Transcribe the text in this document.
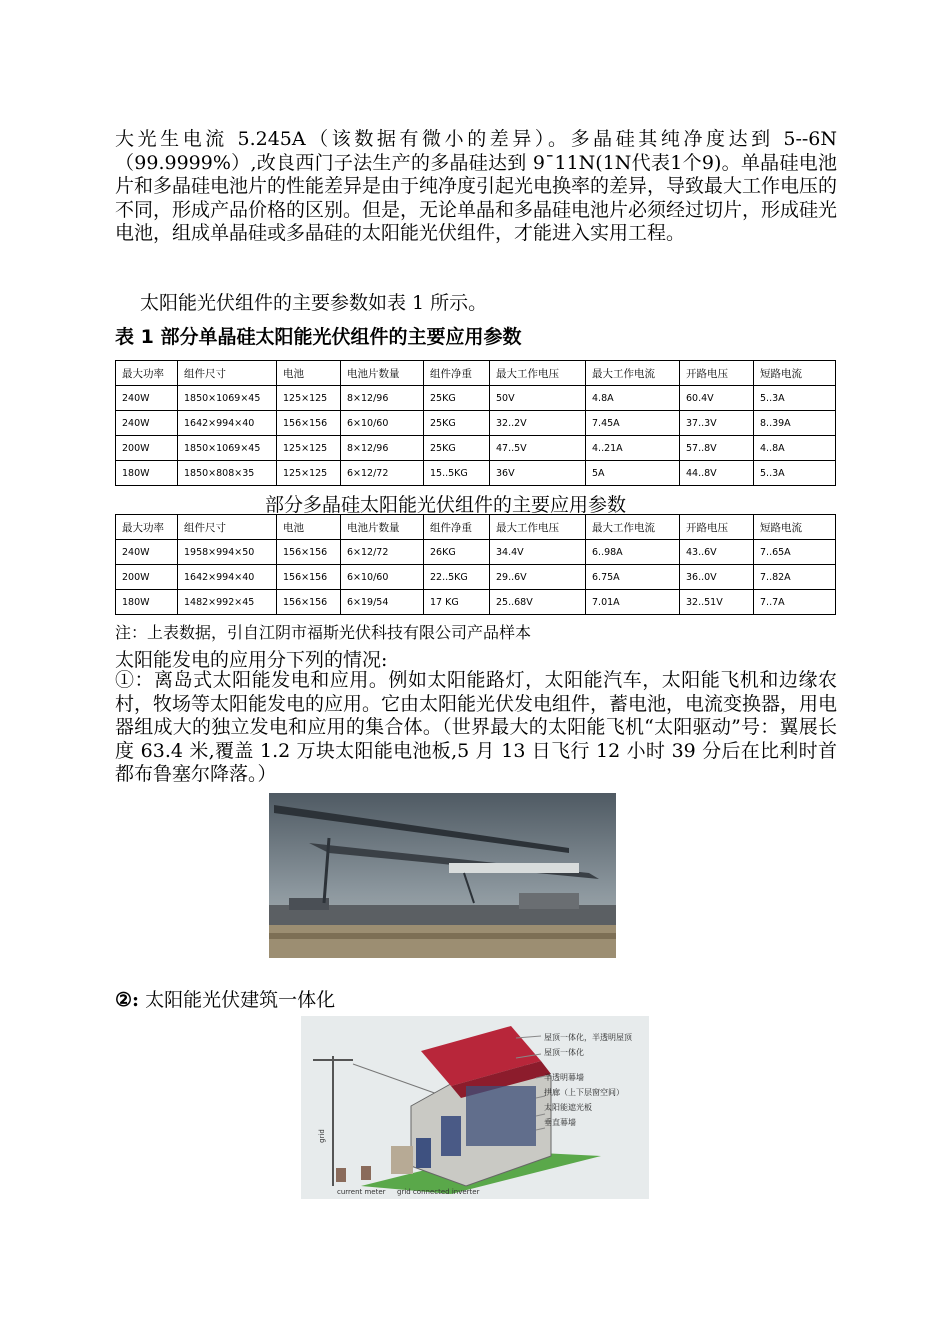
大光生电流 5.245A（该数据有微小的差异）。多晶硅其纯净度达到 5--6N（99.9999%）,改良西门子法生产的多晶硅达到 9¯11N(1N代表1个9)。单晶硅电池片和多晶硅电池片的性能差异是由于纯净度引起光电换率的差异，导致最大工作电压的不同，形成产品价格的区别。但是，无论单晶和多晶硅电池片必须经过切片，形成硅光电池，组成单晶硅或多晶硅的太阳能光伏组件，才能进入实用工程。

太阳能光伏组件的主要参数如表 1 所示。
表 1 部分单晶硅太阳能光伏组件的主要应用参数
最大功率	组件尺寸	电池	电池片数量	组件净重	最大工作电压	最大工作电流	开路电压	短路电流
240W	1850×1069×45	125×125	8×12/96	25KG	50V	4.8A	60.4V	5..3A
240W	1642×994×40	156×156	6×10/60	25KG	32..2V	7.45A	37..3V	8..39A
200W	1850×1069×45	125×125	8×12/96	25KG	47..5V	4..21A	57..8V	4..8A
180W	1850×808×35	125×125	6×12/72	15..5KG	36V	5A	44..8V	5..3A
部分多晶硅太阳能光伏组件的主要应用参数
最大功率	组件尺寸	电池	电池片数量	组件净重	最大工作电压	最大工作电流	开路电压	短路电流
240W	1958×994×50	156×156	6×12/72	26KG	34.4V	6..98A	43..6V	7..65A
200W	1642×994×40	156×156	6×10/60	22..5KG	29..6V	6.75A	36..0V	7..82A
180W	1482×992×45	156×156	6×19/54	17 KG	25..68V	7.01A	32..51V	7..7A
注：上表数据，引自江阴市福斯光伏科技有限公司产品样本
太阳能发电的应用分下列的情况:

①：离岛式太阳能发电和应用。例如太阳能路灯，太阳能汽车，太阳能飞机和边缘农村，牧场等太阳能发电的应用。它由太阳能光伏发电组件，蓄电池，电流变换器，用电器组成大的独立发电和应用的集合体。（世界最大的太阳能飞机“太阳驱动”号：翼展长度 63.4 米,覆盖 1.2 万块太阳能电池板,5 月 13 日飞行 12 小时 39 分后在比利时首都布鲁塞尔降落。）

②: 太阳能光伏建筑一体化
屋顶一体化，半透明屋顶
屋顶一体化
半透明幕墙
拱廊（上下层窗空间）
太阳能遮光板
垂直幕墙
grid
current meter grid connected inverter
